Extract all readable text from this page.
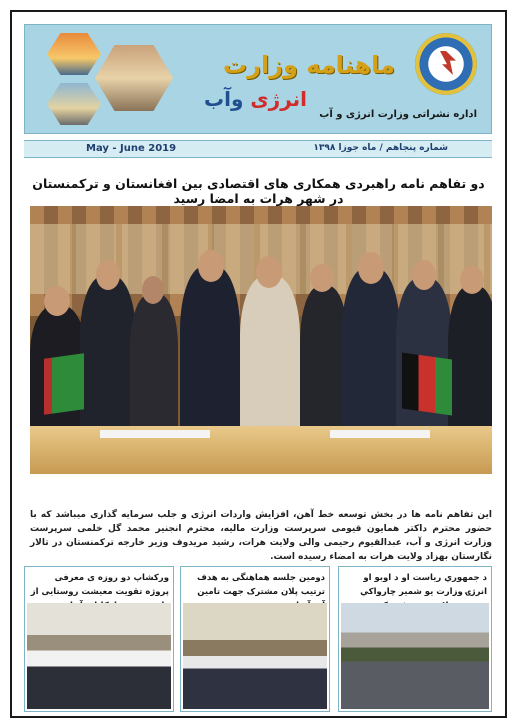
ماهنامه وزارت
انرژی وآب
اداره نشراتی وزارت انرژی و آب
May - June 2019	شماره پنجاهم / ماه جوزا ۱۳۹۸
دو تفاهم نامه راهبردی همکاری های اقتصادی بین افغانستان و ترکمنستان در شهر هرات به امضا رسید
این تفاهم نامه ها در بخش توسعه خط آهن، افزایش واردات انرژی و جلب سرمایه گذاری میباشد که با حضور محترم داکتر همایون قیومی سرپرست وزارت مالیه، محترم انجنیر محمد گل خلمی سرپرست وزارت انرژی و آب، عبدالقیوم رحیمی والی ولایت هرات، رشید مریدوف وزیر خارجه ترکمنستان در تالار نگارستان بهزاد ولایت هرات به امضاء رسیده است.
ورکشاپ دو روزه ی معرفی پروژه تقویت معیشت روستایی از
دومین جلسه هماهنگی به هدف ترتیب پلان مشترک جهت تامین
د جمهوري رياست او د اوبو او انرژۍ وزارت يو شمير چارواکي
